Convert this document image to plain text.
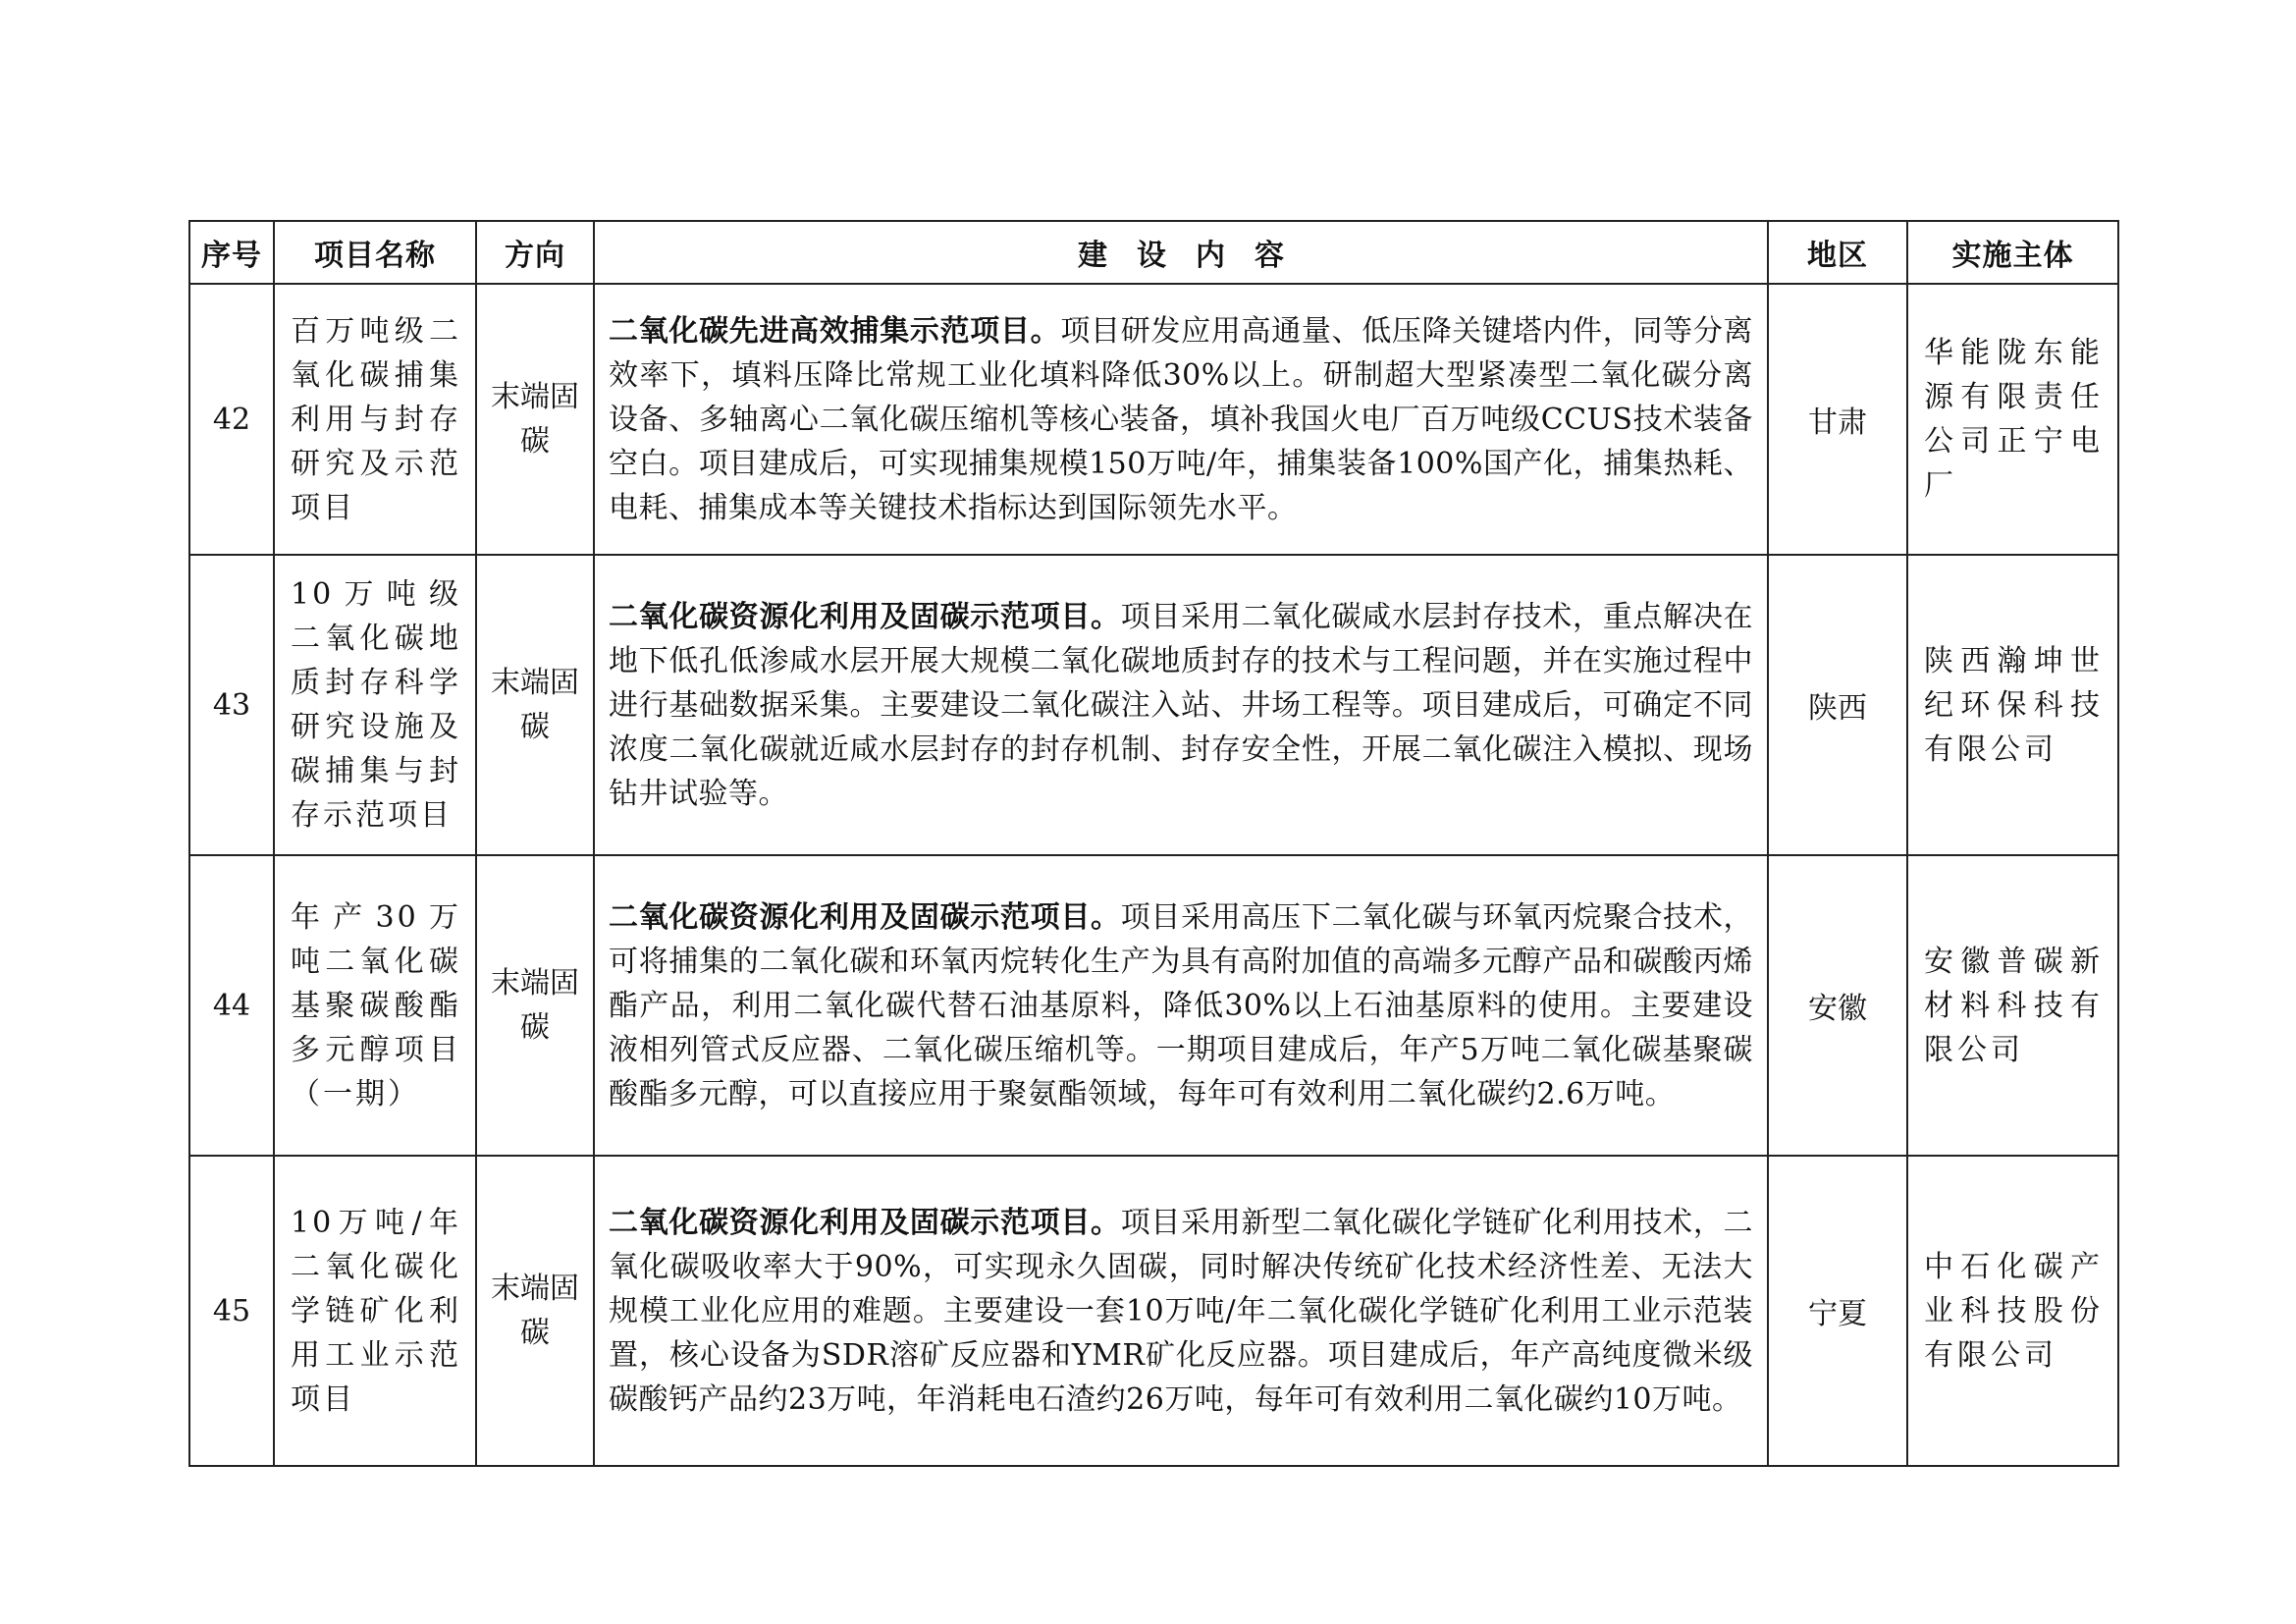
序号	项目名称	方向	建设内容	地区	实施主体
42	百万吨级二氧化碳捕集利用与封存研究及示范项目	末端固碳	二氧化碳先进高效捕集示范项目。项目研发应用高通量、低压降关键塔内件，同等分离效率下，填料压降比常规工业化填料降低30%以上。研制超大型紧凑型二氧化碳分离设备、多轴离心二氧化碳压缩机等核心装备，填补我国火电厂百万吨级CCUS技术装备空白。项目建成后，可实现捕集规模150万吨/年，捕集装备100%国产化，捕集热耗、电耗、捕集成本等关键技术指标达到国际领先水平。	甘肃	华能陇东能源有限责任公司正宁电厂
43	10万吨级二氧化碳地质封存科学研究设施及碳捕集与封存示范项目	末端固碳	二氧化碳资源化利用及固碳示范项目。项目采用二氧化碳咸水层封存技术，重点解决在地下低孔低渗咸水层开展大规模二氧化碳地质封存的技术与工程问题，并在实施过程中进行基础数据采集。主要建设二氧化碳注入站、井场工程等。项目建成后，可确定不同浓度二氧化碳就近咸水层封存的封存机制、封存安全性，开展二氧化碳注入模拟、现场钻井试验等。	陕西	陕西瀚坤世纪环保科技有限公司
44	年产30万吨二氧化碳基聚碳酸酯多元醇项目（一期）	末端固碳	二氧化碳资源化利用及固碳示范项目。项目采用高压下二氧化碳与环氧丙烷聚合技术，可将捕集的二氧化碳和环氧丙烷转化生产为具有高附加值的高端多元醇产品和碳酸丙烯酯产品，利用二氧化碳代替石油基原料，降低30%以上石油基原料的使用。主要建设液相列管式反应器、二氧化碳压缩机等。一期项目建成后，年产5万吨二氧化碳基聚碳酸酯多元醇，可以直接应用于聚氨酯领域，每年可有效利用二氧化碳约2.6万吨。	安徽	安徽普碳新材料科技有限公司
45	10万吨/年二氧化碳化学链矿化利用工业示范项目	末端固碳	二氧化碳资源化利用及固碳示范项目。项目采用新型二氧化碳化学链矿化利用技术，二氧化碳吸收率大于90%，可实现永久固碳，同时解决传统矿化技术经济性差、无法大规模工业化应用的难题。主要建设一套10万吨/年二氧化碳化学链矿化利用工业示范装置，核心设备为SDR溶矿反应器和YMR矿化反应器。项目建成后，年产高纯度微米级碳酸钙产品约23万吨，年消耗电石渣约26万吨，每年可有效利用二氧化碳约10万吨。	宁夏	中石化碳产业科技股份有限公司
